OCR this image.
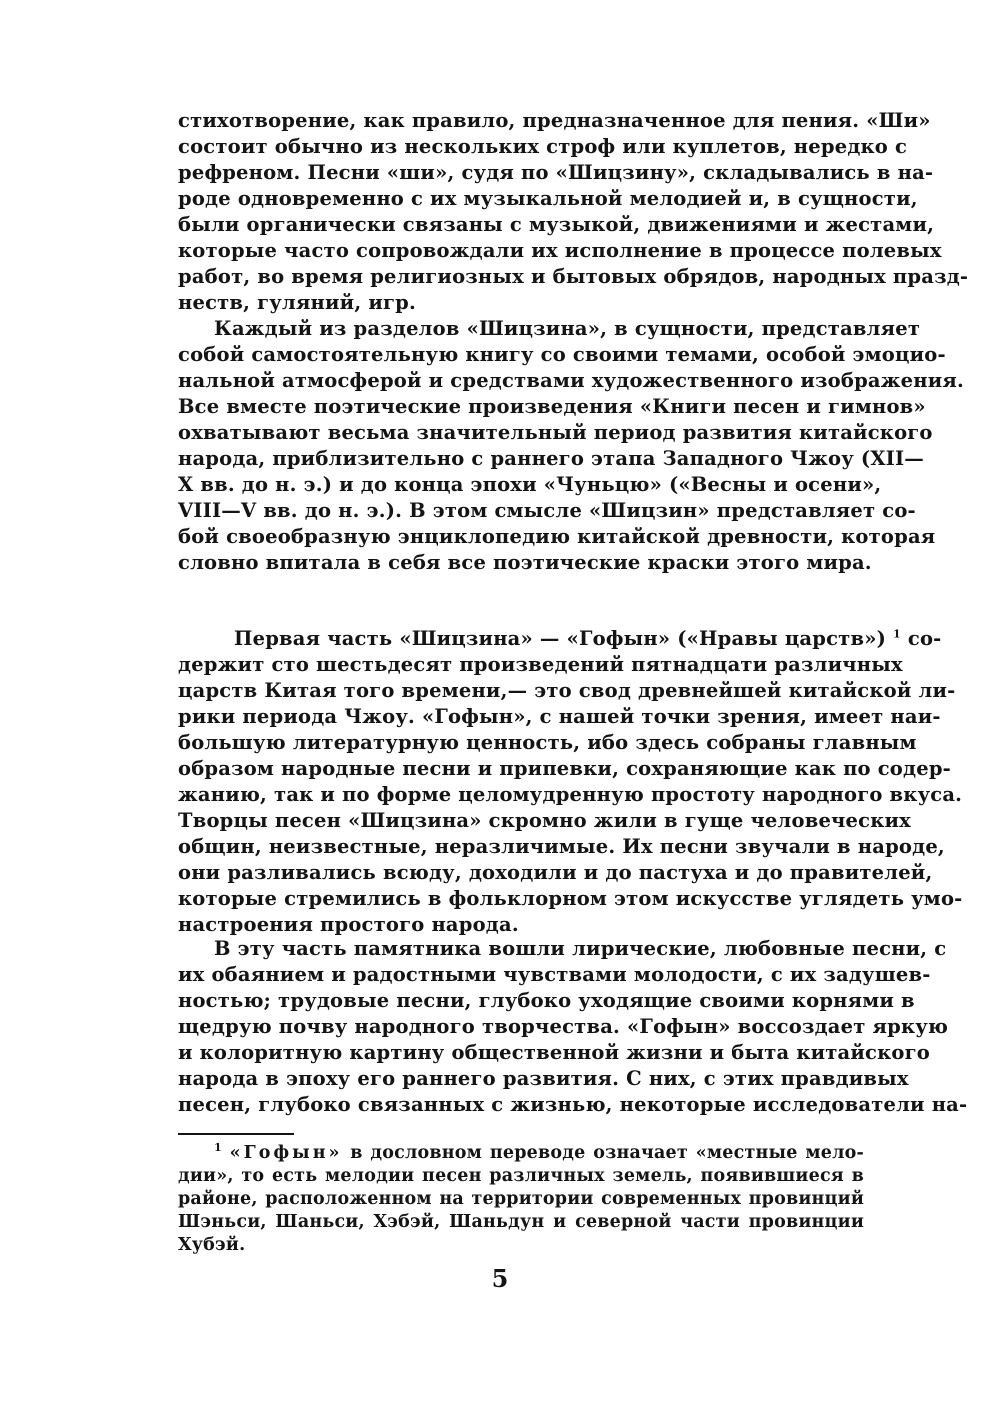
стихотворение, как правило, предназначенное для пения. «Ши»
состоит обычно из нескольких строф или куплетов, нередко с
рефреном. Песни «ши», судя по «Шицзину», складывались в на-
роде одновременно с их музыкальной мелодией и, в сущности,
были органически связаны с музыкой, движениями и жестами,
которые часто сопровождали их исполнение в процессе полевых
работ, во время религиозных и бытовых обрядов, народных празд-
неств, гуляний, игр.
Каждый из разделов «Шицзина», в сущности, представляет
собой самостоятельную книгу со своими темами, особой эмоцио-
нальной атмосферой и средствами художественного изображения.
Все вместе поэтические произведения «Книги песен и гимнов»
охватывают весьма значительный период развития китайского
народа, приблизительно с раннего этапа Западного Чжоу (XII—
X вв. до н. э.) и до конца эпохи «Чуньцю» («Весны и осени»,
VIII—V вв. до н. э.). В этом смысле «Шицзин» представляет со-
бой своеобразную энциклопедию китайской древности, которая
словно впитала в себя все поэтические краски этого мира.
Первая часть «Шицзина» — «Гофын» («Нравы царств») $^1$ со-
держит сто шестьдесят произведений пятнадцати различных
царств Китая того времени,— это свод древнейшей китайской ли-
рики периода Чжоу. «Гофын», с нашей точки зрения, имеет наи-
большую литературную ценность, ибо здесь собраны главным
образом народные песни и припевки, сохраняющие как по содер-
жанию, так и по форме целомудренную простоту народного вкуса.
Творцы песен «Шицзина» скромно жили в гуще человеческих
общин, неизвестные, неразличимые. Их песни звучали в народе,
они разливались всюду, доходили и до пастуха и до правителей,
которые стремились в фольклорном этом искусстве углядеть умо-
настроения простого народа.
В эту часть памятника вошли лирические, любовные песни, с
их обаянием и радостными чувствами молодости, с их задушев-
ностью; трудовые песни, глубоко уходящие своими корнями в
щедрую почву народного творчества. «Гофын» воссоздает яркую
и колоритную картину общественной жизни и быта китайского
народа в эпоху его раннего развития. С них, с этих правдивых
песен, глубоко связанных с жизнью, некоторые исследователи на-
$^1$ «Гофын» в дословном переводе означает «местные мело-
дии», то есть мелодии песен различных земель, появившиеся в
районе, расположенном на территории современных провинций
Шэньси, Шаньси, Хэбэй, Шаньдун и северной части провинции
Хубэй.
5
